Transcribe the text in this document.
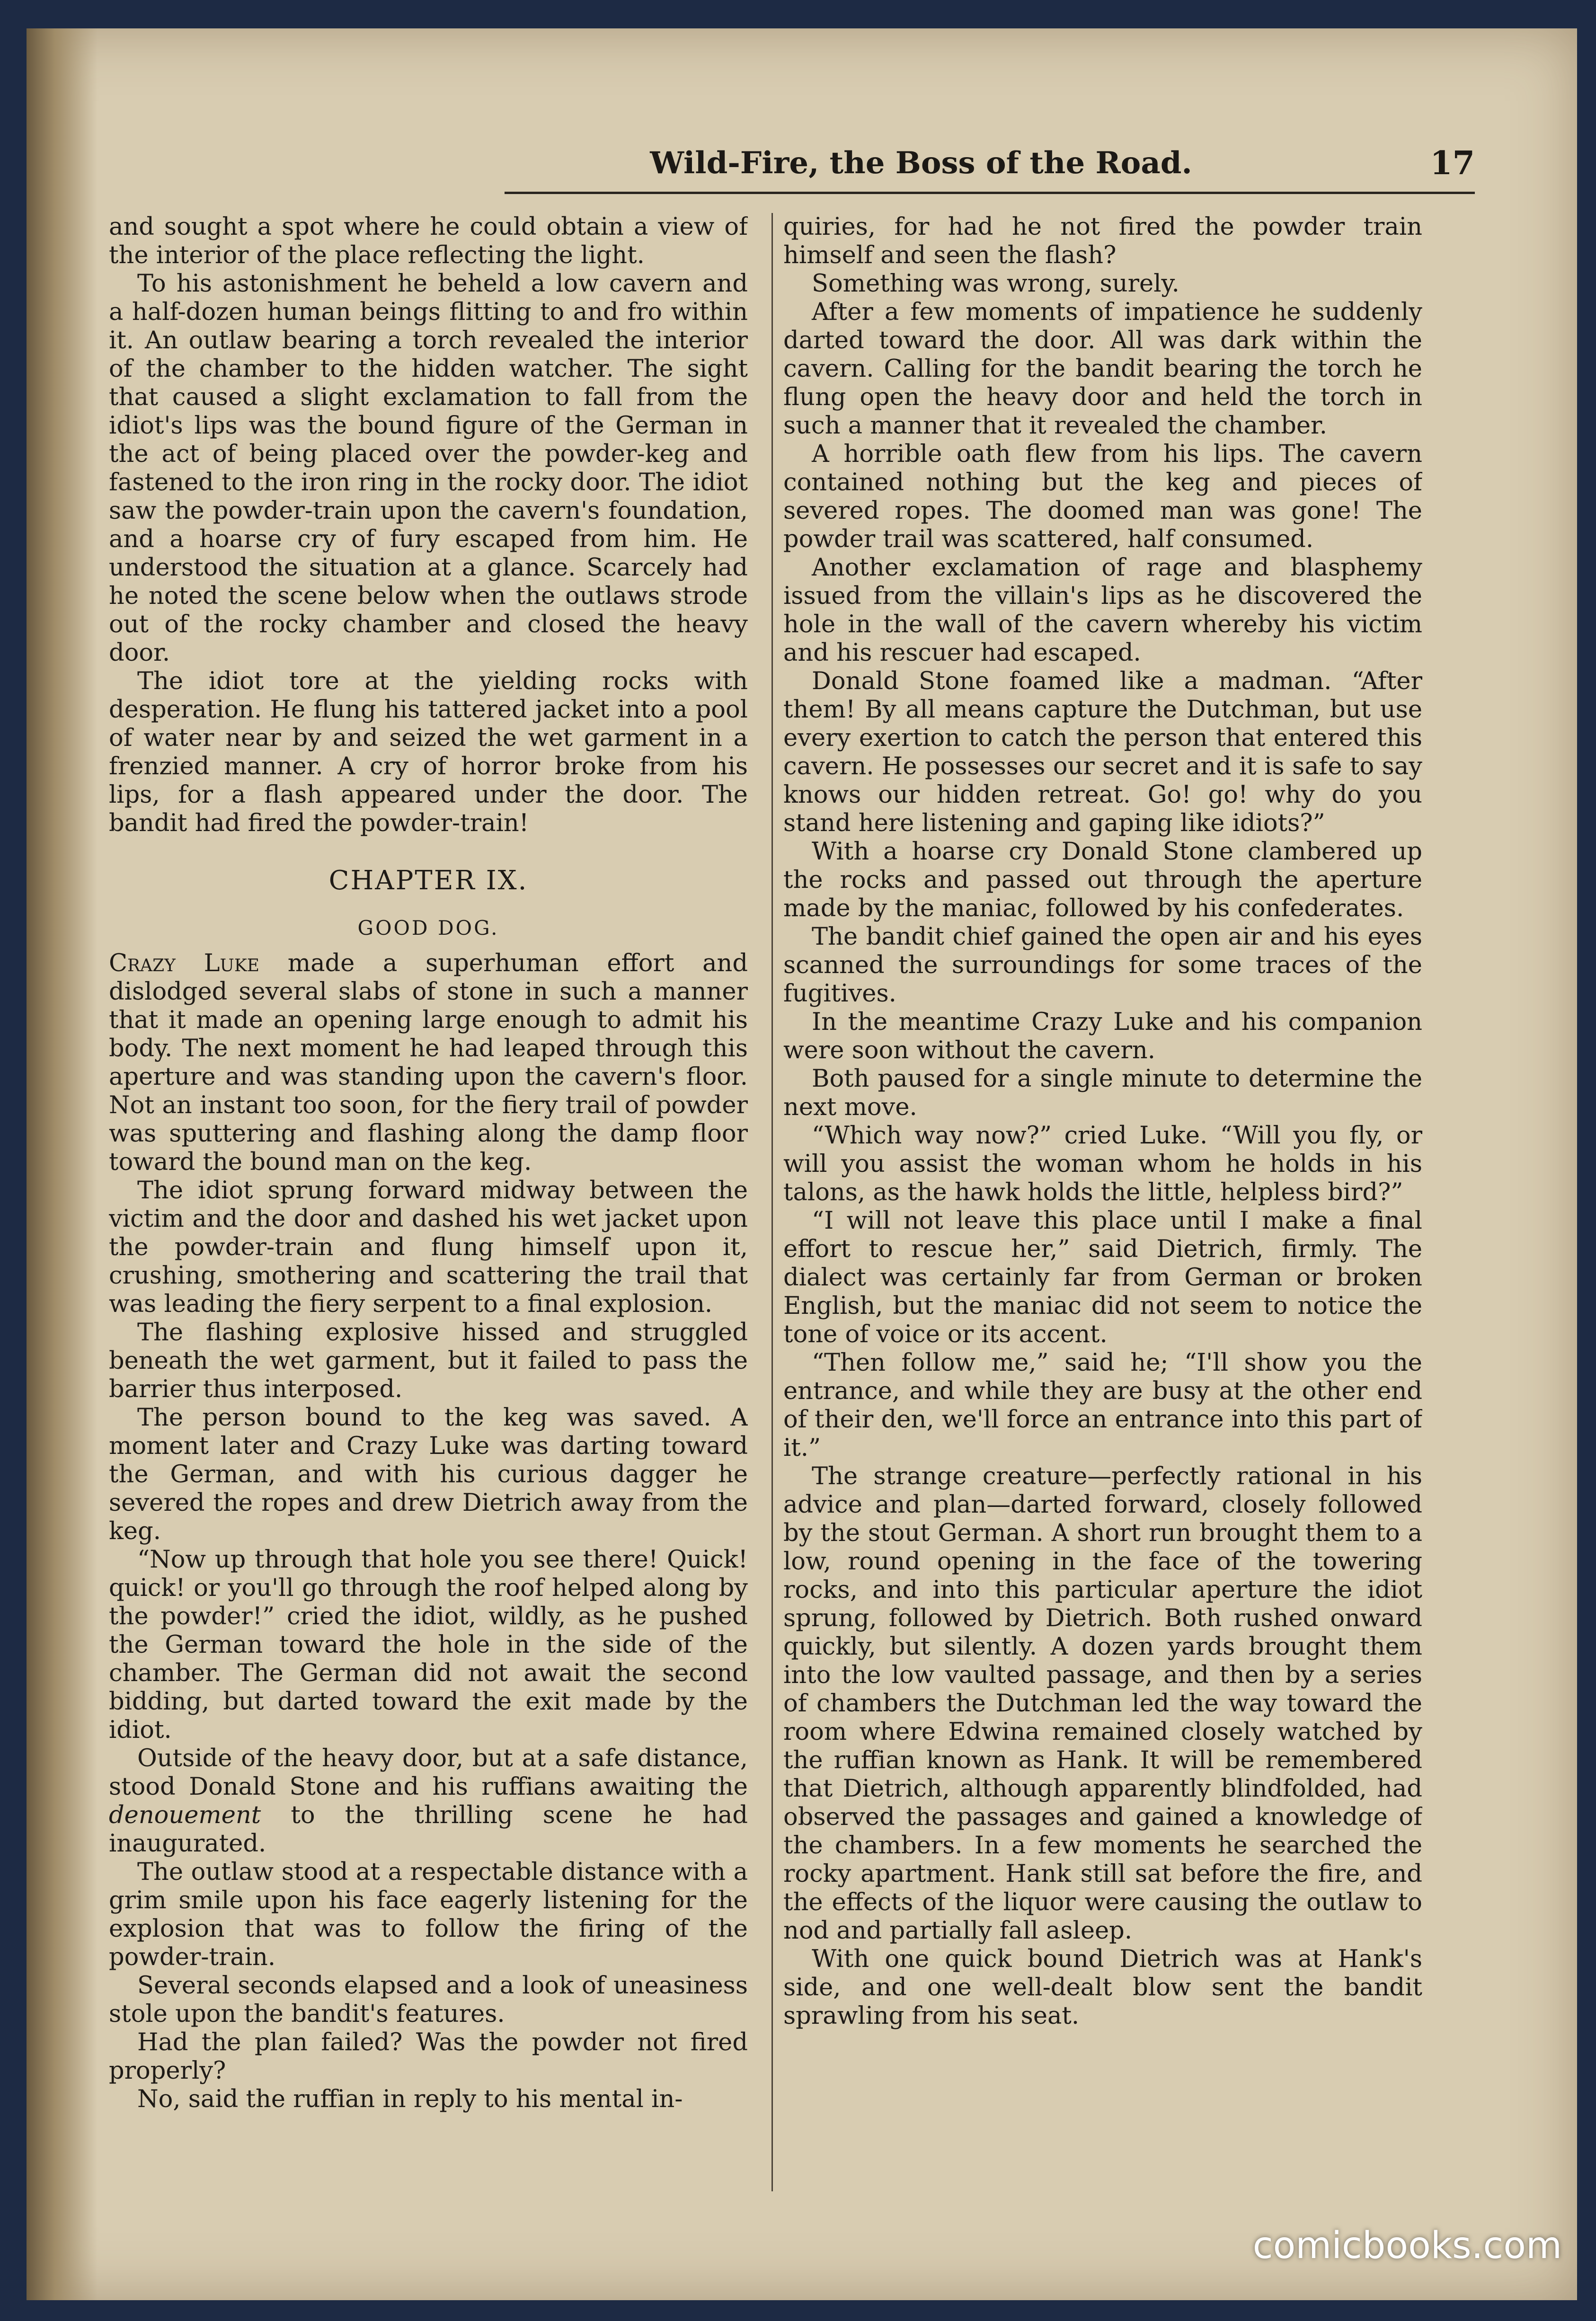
Wild-Fire, the Boss of the Road.	17

and sought a spot where he could obtain a view of the interior of the place reflecting the light.

To his astonishment he beheld a low cavern and a half-dozen human beings flitting to and fro within it. An outlaw bearing a torch revealed the interior of the chamber to the hidden watcher. The sight that caused a slight exclamation to fall from the idiot's lips was the bound figure of the German in the act of being placed over the powder-keg and fastened to the iron ring in the rocky door. The idiot saw the powder-train upon the cavern's foundation, and a hoarse cry of fury escaped from him. He understood the situation at a glance. Scarcely had he noted the scene below when the outlaws strode out of the rocky chamber and closed the heavy door.

The idiot tore at the yielding rocks with desperation. He flung his tattered jacket into a pool of water near by and seized the wet garment in a frenzied manner. A cry of horror broke from his lips, for a flash appeared under the door. The bandit had fired the powder-train!

CHAPTER IX.
GOOD DOG.

Crazy Luke made a superhuman effort and dislodged several slabs of stone in such a manner that it made an opening large enough to admit his body. The next moment he had leaped through this aperture and was standing upon the cavern's floor. Not an instant too soon, for the fiery trail of powder was sputtering and flashing along the damp floor toward the bound man on the keg.

The idiot sprung forward midway between the victim and the door and dashed his wet jacket upon the powder-train and flung himself upon it, crushing, smothering and scattering the trail that was leading the fiery serpent to a final explosion.

The flashing explosive hissed and struggled beneath the wet garment, but it failed to pass the barrier thus interposed.

The person bound to the keg was saved. A moment later and Crazy Luke was darting toward the German, and with his curious dagger he severed the ropes and drew Dietrich away from the keg.

“Now up through that hole you see there! Quick! quick! or you'll go through the roof helped along by the powder!” cried the idiot, wildly, as he pushed the German toward the hole in the side of the chamber. The German did not await the second bidding, but darted toward the exit made by the idiot.

Outside of the heavy door, but at a safe distance, stood Donald Stone and his ruffians awaiting the denouement to the thrilling scene he had inaugurated.

The outlaw stood at a respectable distance with a grim smile upon his face eagerly listening for the explosion that was to follow the firing of the powder-train.

Several seconds elapsed and a look of uneasiness stole upon the bandit's features.

Had the plan failed? Was the powder not fired properly?

No, said the ruffian in reply to his mental in-

quiries, for had he not fired the powder train himself and seen the flash?

Something was wrong, surely.

After a few moments of impatience he suddenly darted toward the door. All was dark within the cavern. Calling for the bandit bearing the torch he flung open the heavy door and held the torch in such a manner that it revealed the chamber.

A horrible oath flew from his lips. The cavern contained nothing but the keg and pieces of severed ropes. The doomed man was gone! The powder trail was scattered, half consumed.

Another exclamation of rage and blasphemy issued from the villain's lips as he discovered the hole in the wall of the cavern whereby his victim and his rescuer had escaped.

Donald Stone foamed like a madman. “After them! By all means capture the Dutchman, but use every exertion to catch the person that entered this cavern. He possesses our secret and it is safe to say knows our hidden retreat. Go! go! why do you stand here listening and gaping like idiots?”

With a hoarse cry Donald Stone clambered up the rocks and passed out through the aperture made by the maniac, followed by his confederates.

The bandit chief gained the open air and his eyes scanned the surroundings for some traces of the fugitives.

In the meantime Crazy Luke and his companion were soon without the cavern.

Both paused for a single minute to determine the next move.

“Which way now?” cried Luke. “Will you fly, or will you assist the woman whom he holds in his talons, as the hawk holds the little, helpless bird?”

“I will not leave this place until I make a final effort to rescue her,” said Dietrich, firmly. The dialect was certainly far from German or broken English, but the maniac did not seem to notice the tone of voice or its accent.

“Then follow me,” said he; “I'll show you the entrance, and while they are busy at the other end of their den, we'll force an entrance into this part of it.”

The strange creature—perfectly rational in his advice and plan—darted forward, closely followed by the stout German. A short run brought them to a low, round opening in the face of the towering rocks, and into this particular aperture the idiot sprung, followed by Dietrich. Both rushed onward quickly, but silently. A dozen yards brought them into the low vaulted passage, and then by a series of chambers the Dutchman led the way toward the room where Edwina remained closely watched by the ruffian known as Hank. It will be remembered that Dietrich, although apparently blindfolded, had observed the passages and gained a knowledge of the chambers. In a few moments he searched the rocky apartment. Hank still sat before the fire, and the effects of the liquor were causing the outlaw to nod and partially fall asleep.

With one quick bound Dietrich was at Hank's side, and one well-dealt blow sent the bandit sprawling from his seat.

comicbooks.com
